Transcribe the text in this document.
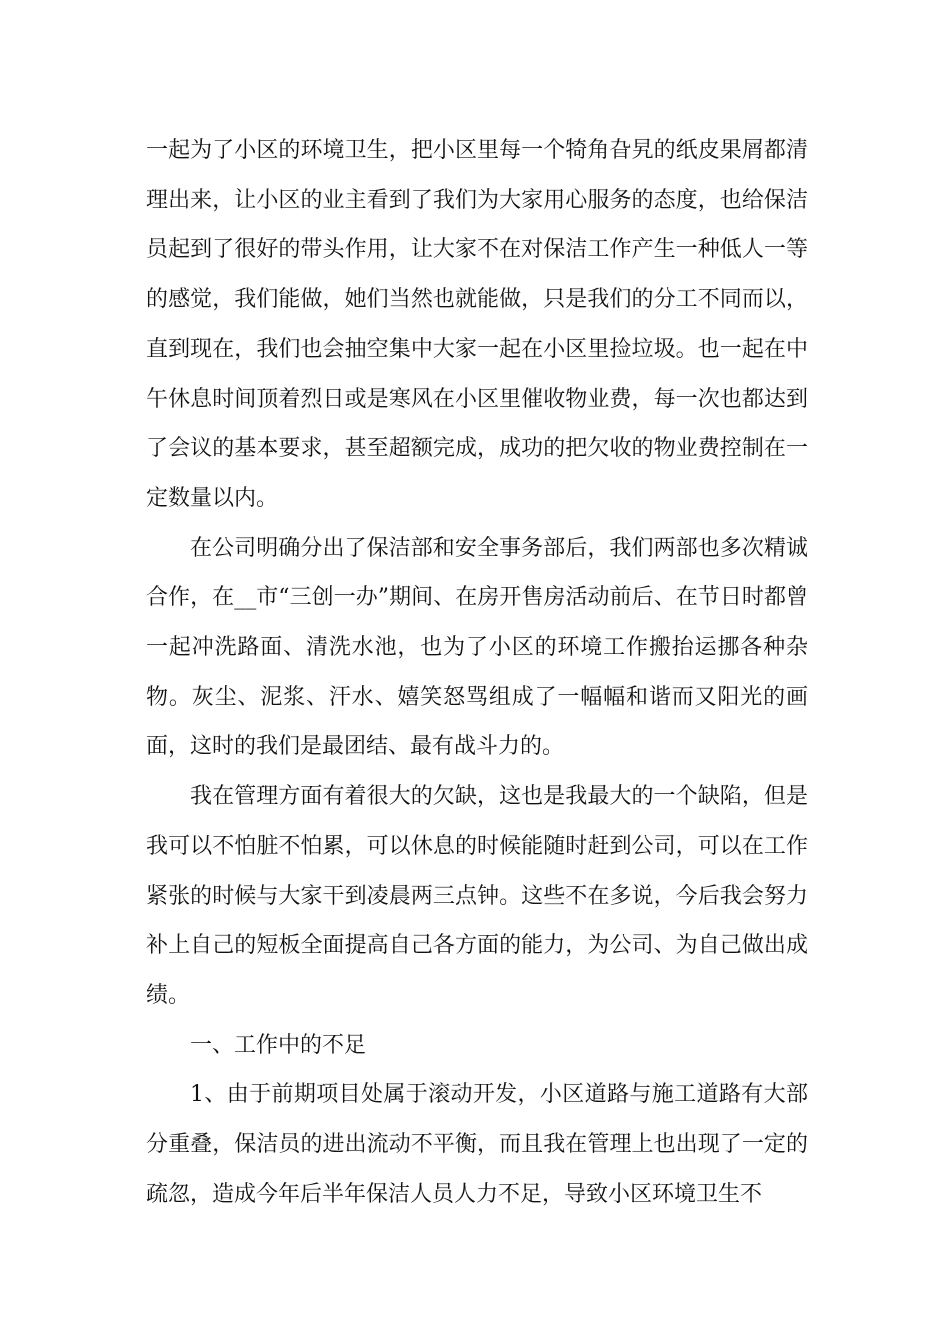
一起为了小区的环境卫生，把小区里每一个犄角旮旯的纸皮果屑都清理出来，让小区的业主看到了我们为大家用心服务的态度，也给保洁员起到了很好的带头作用，让大家不在对保洁工作产生一种低人一等的感觉，我们能做，她们当然也就能做，只是我们的分工不同而以，直到现在，我们也会抽空集中大家一起在小区里捡垃圾。也一起在中午休息时间顶着烈日或是寒风在小区里催收物业费，每一次也都达到了会议的基本要求，甚至超额完成，成功的把欠收的物业费控制在一定数量以内。

在公司明确分出了保洁部和安全事务部后，我们两部也多次精诚合作，在__市“三创一办”期间、在房开售房活动前后、在节日时都曾一起冲洗路面、清洗水池，也为了小区的环境工作搬抬运挪各种杂物。灰尘、泥浆、汗水、嬉笑怒骂组成了一幅幅和谐而又阳光的画面，这时的我们是最团结、最有战斗力的。

我在管理方面有着很大的欠缺，这也是我最大的一个缺陷，但是我可以不怕脏不怕累，可以休息的时候能随时赶到公司，可以在工作紧张的时候与大家干到凌晨两三点钟。这些不在多说，今后我会努力补上自己的短板全面提高自己各方面的能力，为公司、为自己做出成绩。

一、工作中的不足

1、由于前期项目处属于滚动开发，小区道路与施工道路有大部分重叠，保洁员的进出流动不平衡，而且我在管理上也出现了一定的疏忽，造成今年后半年保洁人员人力不足，导致小区环境卫生不
